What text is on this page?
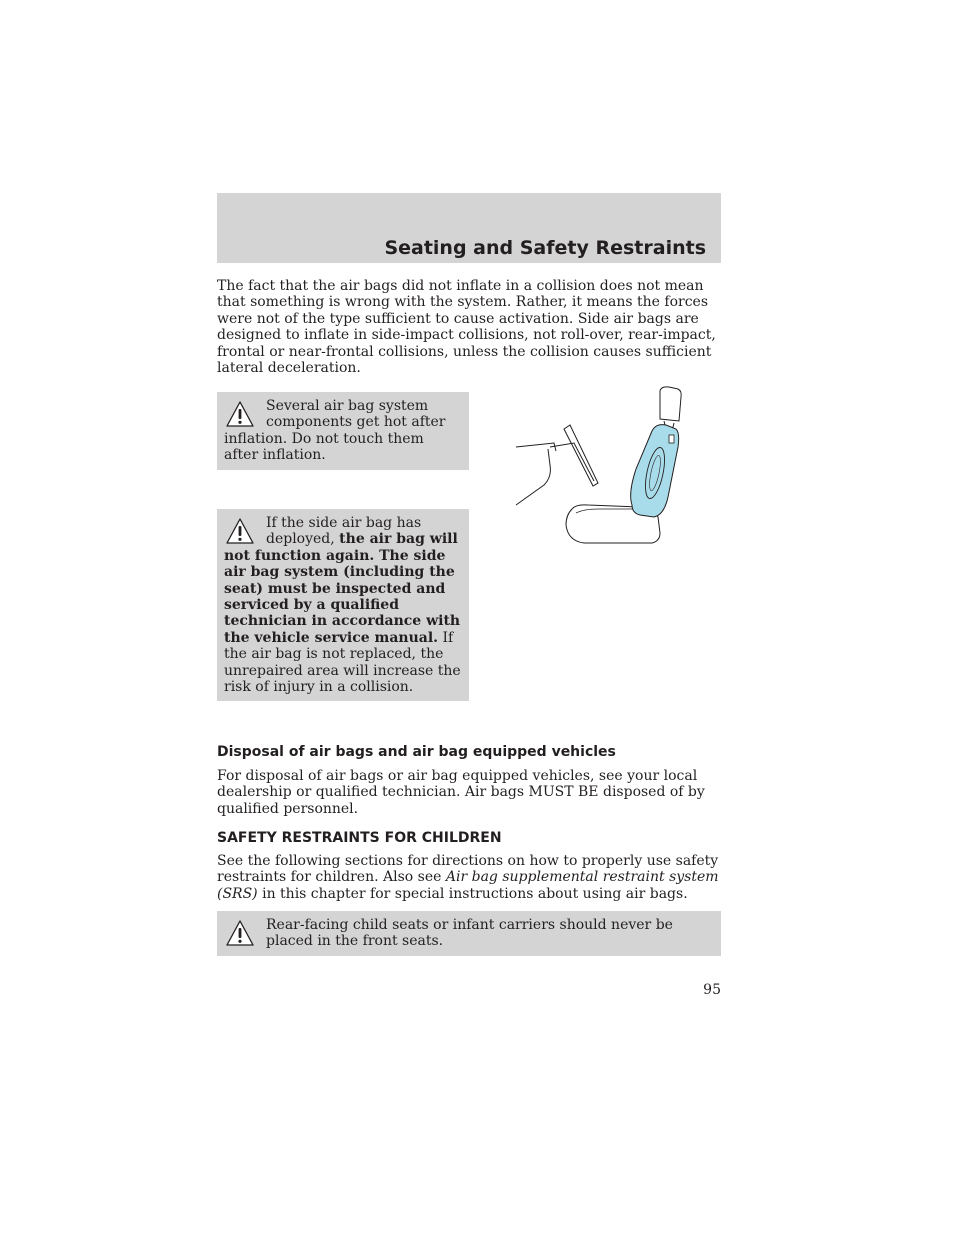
Seating and Safety Restraints
The fact that the air bags did not inflate in a collision does not mean that something is wrong with the system. Rather, it means the forces were not of the type sufficient to cause activation. Side air bags are designed to inflate in side-impact collisions, not roll-over, rear-impact, frontal or near-frontal collisions, unless the collision causes sufficient lateral deceleration.
Several air bag system components get hot after inflation. Do not touch them after inflation.
If the side air bag has deployed, the air bag will not function again. The side air bag system (including the seat) must be inspected and serviced by a qualified technician in accordance with the vehicle service manual. If the air bag is not replaced, the unrepaired area will increase the risk of injury in a collision.
Disposal of air bags and air bag equipped vehicles
For disposal of air bags or air bag equipped vehicles, see your local dealership or qualified technician. Air bags MUST BE disposed of by qualified personnel.
SAFETY RESTRAINTS FOR CHILDREN
See the following sections for directions on how to properly use safety restraints for children. Also see Air bag supplemental restraint system (SRS) in this chapter for special instructions about using air bags.
Rear-facing child seats or infant carriers should never be placed in the front seats.
95
